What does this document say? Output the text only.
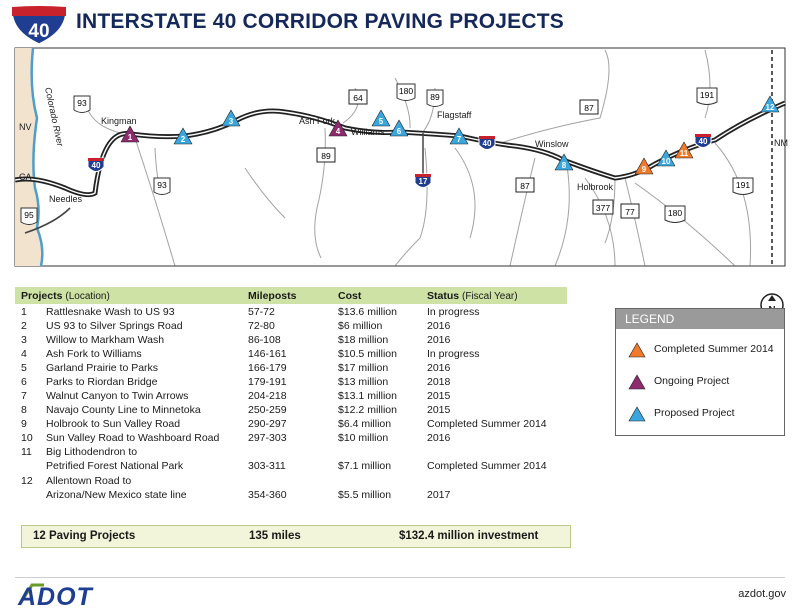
40 INTERSTATE 40 CORRIDOR PAVING PROJECTS
NV
CA
NM
Colorado River	Kingman
Needles
Ash Fork
Williams
Flagstaff
Winslow
Holbrook
93
93
95
64
180
89
89
87
87
191
191
377 77	180
17
40
40	40
1	2
3
4
5
6
7
8	9
10
11
12
Projects (Location)	Mileposts	Cost	Status (Fiscal Year)
1 Rattlesnake Wash to US 93	57-72	$13.6 million	In progress
2 US 93 to Silver Springs Road	72-80	$6 million	2016
3 Willow to Markham Wash	86-108	$18 million	2016
4 Ash Fork to Williams	146-161	$10.5 million	In progress
5 Garland Prairie to Parks	166-179	$17 million	2016
6 Parks to Riordan Bridge	179-191	$13 million	2018
7 Walnut Canyon to Twin Arrows	204-218	$13.1 million	2015
8 Navajo County Line to Minnetoka	250-259	$12.2 million	2015
9 Holbrook to Sun Valley Road	290-297	$6.4 million	Completed Summer 2014
10 Sun Valley Road to Washboard Road	297-303	$10 million	2016
11 Big Lithodendron to
Petrified Forest National Park	303-311	$7.1 million	Completed Summer 2014
12 Allentown Road to
Arizona/New Mexico state line	354-360	$5.5 million	2017
12 Paving Projects	135 miles	$132.4 million investment
LEGEND
Completed Summer 2014
Ongoing Project
Proposed Project
ADOT	azdot.gov
